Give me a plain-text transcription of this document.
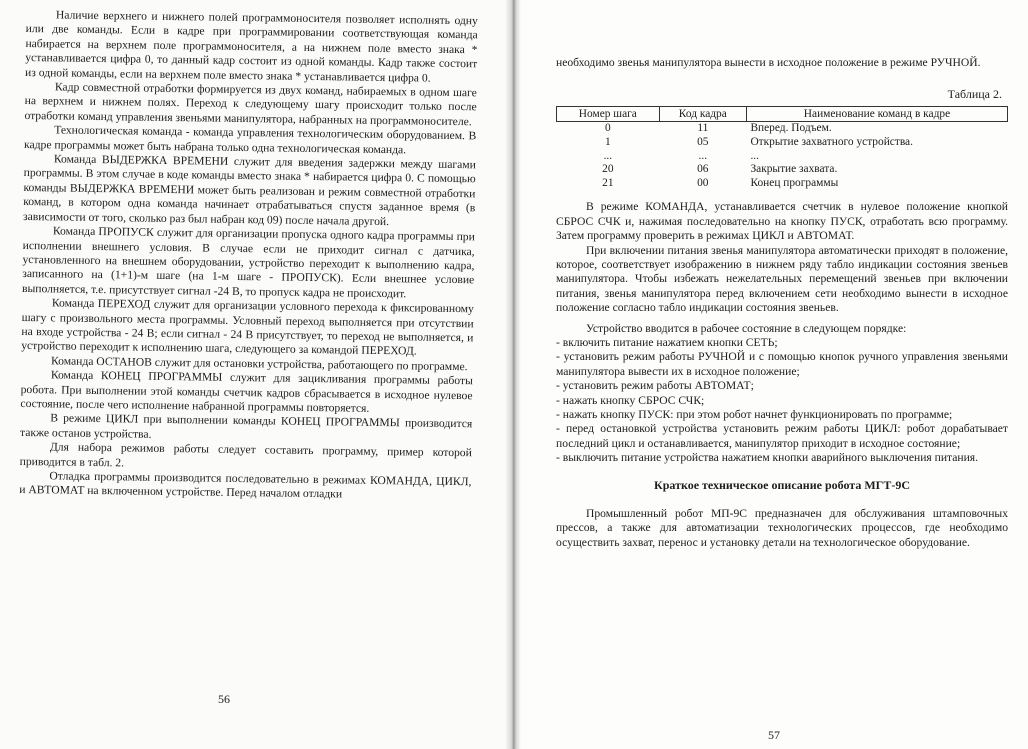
Наличие верхнего и нижнего полей программоносителя позволяет исполнять одну или две команды. Если в кадре при программировании соответствующая команда набирается на верхнем поле программоносителя, а на нижнем поле вместо знака * устанавливается цифра 0, то данный кадр состоит из одной команды. Кадр также состоит из одной команды, если на верхнем поле вместо знака * устанавливается цифра 0.

Кадр совместной отработки формируется из двух команд, набираемых в одном шаге на верхнем и нижнем полях. Переход к следующему шагу происходит только после отработки команд управления звеньями манипулятора, набранных на программоносителе.

Технологическая команда - команда управления технологическим оборудованием. В кадре программы может быть набрана только одна технологическая команда.

Команда ВЫДЕРЖКА ВРЕМЕНИ служит для введения задержки между шагами программы. В этом случае в коде команды вместо знака * набирается цифра 0. С помощью команды ВЫДЕРЖКА ВРЕМЕНИ может быть реализован и режим совместной отработки команд, в котором одна команда начинает отрабатываться спустя заданное время (в зависимости от того, сколько раз был набран код 09) после начала другой.

Команда ПРОПУСК служит для организации пропуска одного кадра программы при исполнении внешнего условия. В случае если не приходит сигнал с датчика, установленного на внешнем оборудовании, устройство переходит к выполнению кадра, записанного на (1+1)-м шаге (на 1-м шаге - ПРОПУСК). Если внешнее условие выполняется, т.е. присутствует сигнал -24 В, то пропуск кадра не происходит.

Команда ПЕРЕХОД служит для организации условного перехода к фиксированному шагу с произвольного места программы. Условный переход выполняется при отсутствии на входе устройства - 24 В; если сигнал - 24 В присутствует, то переход не выполняется, и устройство переходит к исполнению шага, следующего за командой ПЕРЕХОД.

Команда ОСТАНОВ служит для остановки устройства, работающего по программе.

Команда КОНЕЦ ПРОГРАММЫ служит для зацикливания программы работы робота. При выполнении этой команды счетчик кадров сбрасывается в исходное нулевое состояние, после чего исполнение набранной программы повторяется.

В режиме ЦИКЛ при выполнении команды КОНЕЦ ПРОГРАММЫ производится также останов устройства.

Для набора режимов работы следует составить программу, пример которой приводится в табл. 2.

Отладка программы производится последовательно в режимах КОМАНДА, ЦИКЛ, и АВТОМАТ на включенном устройстве. Перед началом отладки

56

необходимо звенья манипулятора вынести в исходное положение в режиме РУЧНОЙ.

Таблица 2.
Номер шага	Код кадра	Наименование команд в кадре
0	11	Вперед. Подъем.
1	05	Открытие захватного устройства.
...	...	...
20	06	Закрытие захвата.
21	00	Конец программы

В режиме КОМАНДА, устанавливается счетчик в нулевое положение кнопкой СБРОС СЧК и, нажимая последовательно на кнопку ПУСК, отработать всю программу. Затем программу проверить в режимах ЦИКЛ и АВТОМАТ.

При включении питания звенья манипулятора автоматически приходят в положение, которое, соответствует изображению в нижнем ряду табло индикации состояния звеньев манипулятора. Чтобы избежать нежелательных перемещений звеньев при включении питания, звенья манипулятора перед включением сети необходимо вынести в исходное положение согласно табло индикации состояния звеньев.

Устройство вводится в рабочее состояние в следующем порядке:

- включить питание нажатием кнопки СЕТЬ;

- установить режим работы РУЧНОЙ и с помощью кнопок ручного управления звеньями манипулятора вывести их в исходное положение;

- установить режим работы АВТОМАТ;

- нажать кнопку СБРОС СЧК;

- нажать кнопку ПУСК: при этом робот начнет функционировать по программе;

- перед остановкой устройства установить режим работы ЦИКЛ: робот дорабатывает последний цикл и останавливается, манипулятор приходит в исходное состояние;

- выключить питание устройства нажатием кнопки аварийного выключения питания.

Краткое техническое описание робота МГТ-9С

Промышленный робот МП-9С предназначен для обслуживания штамповочных прессов, а также для автоматизации технологических процессов, где необходимо осуществить захват, перенос и установку детали на технологическое оборудование.

57
